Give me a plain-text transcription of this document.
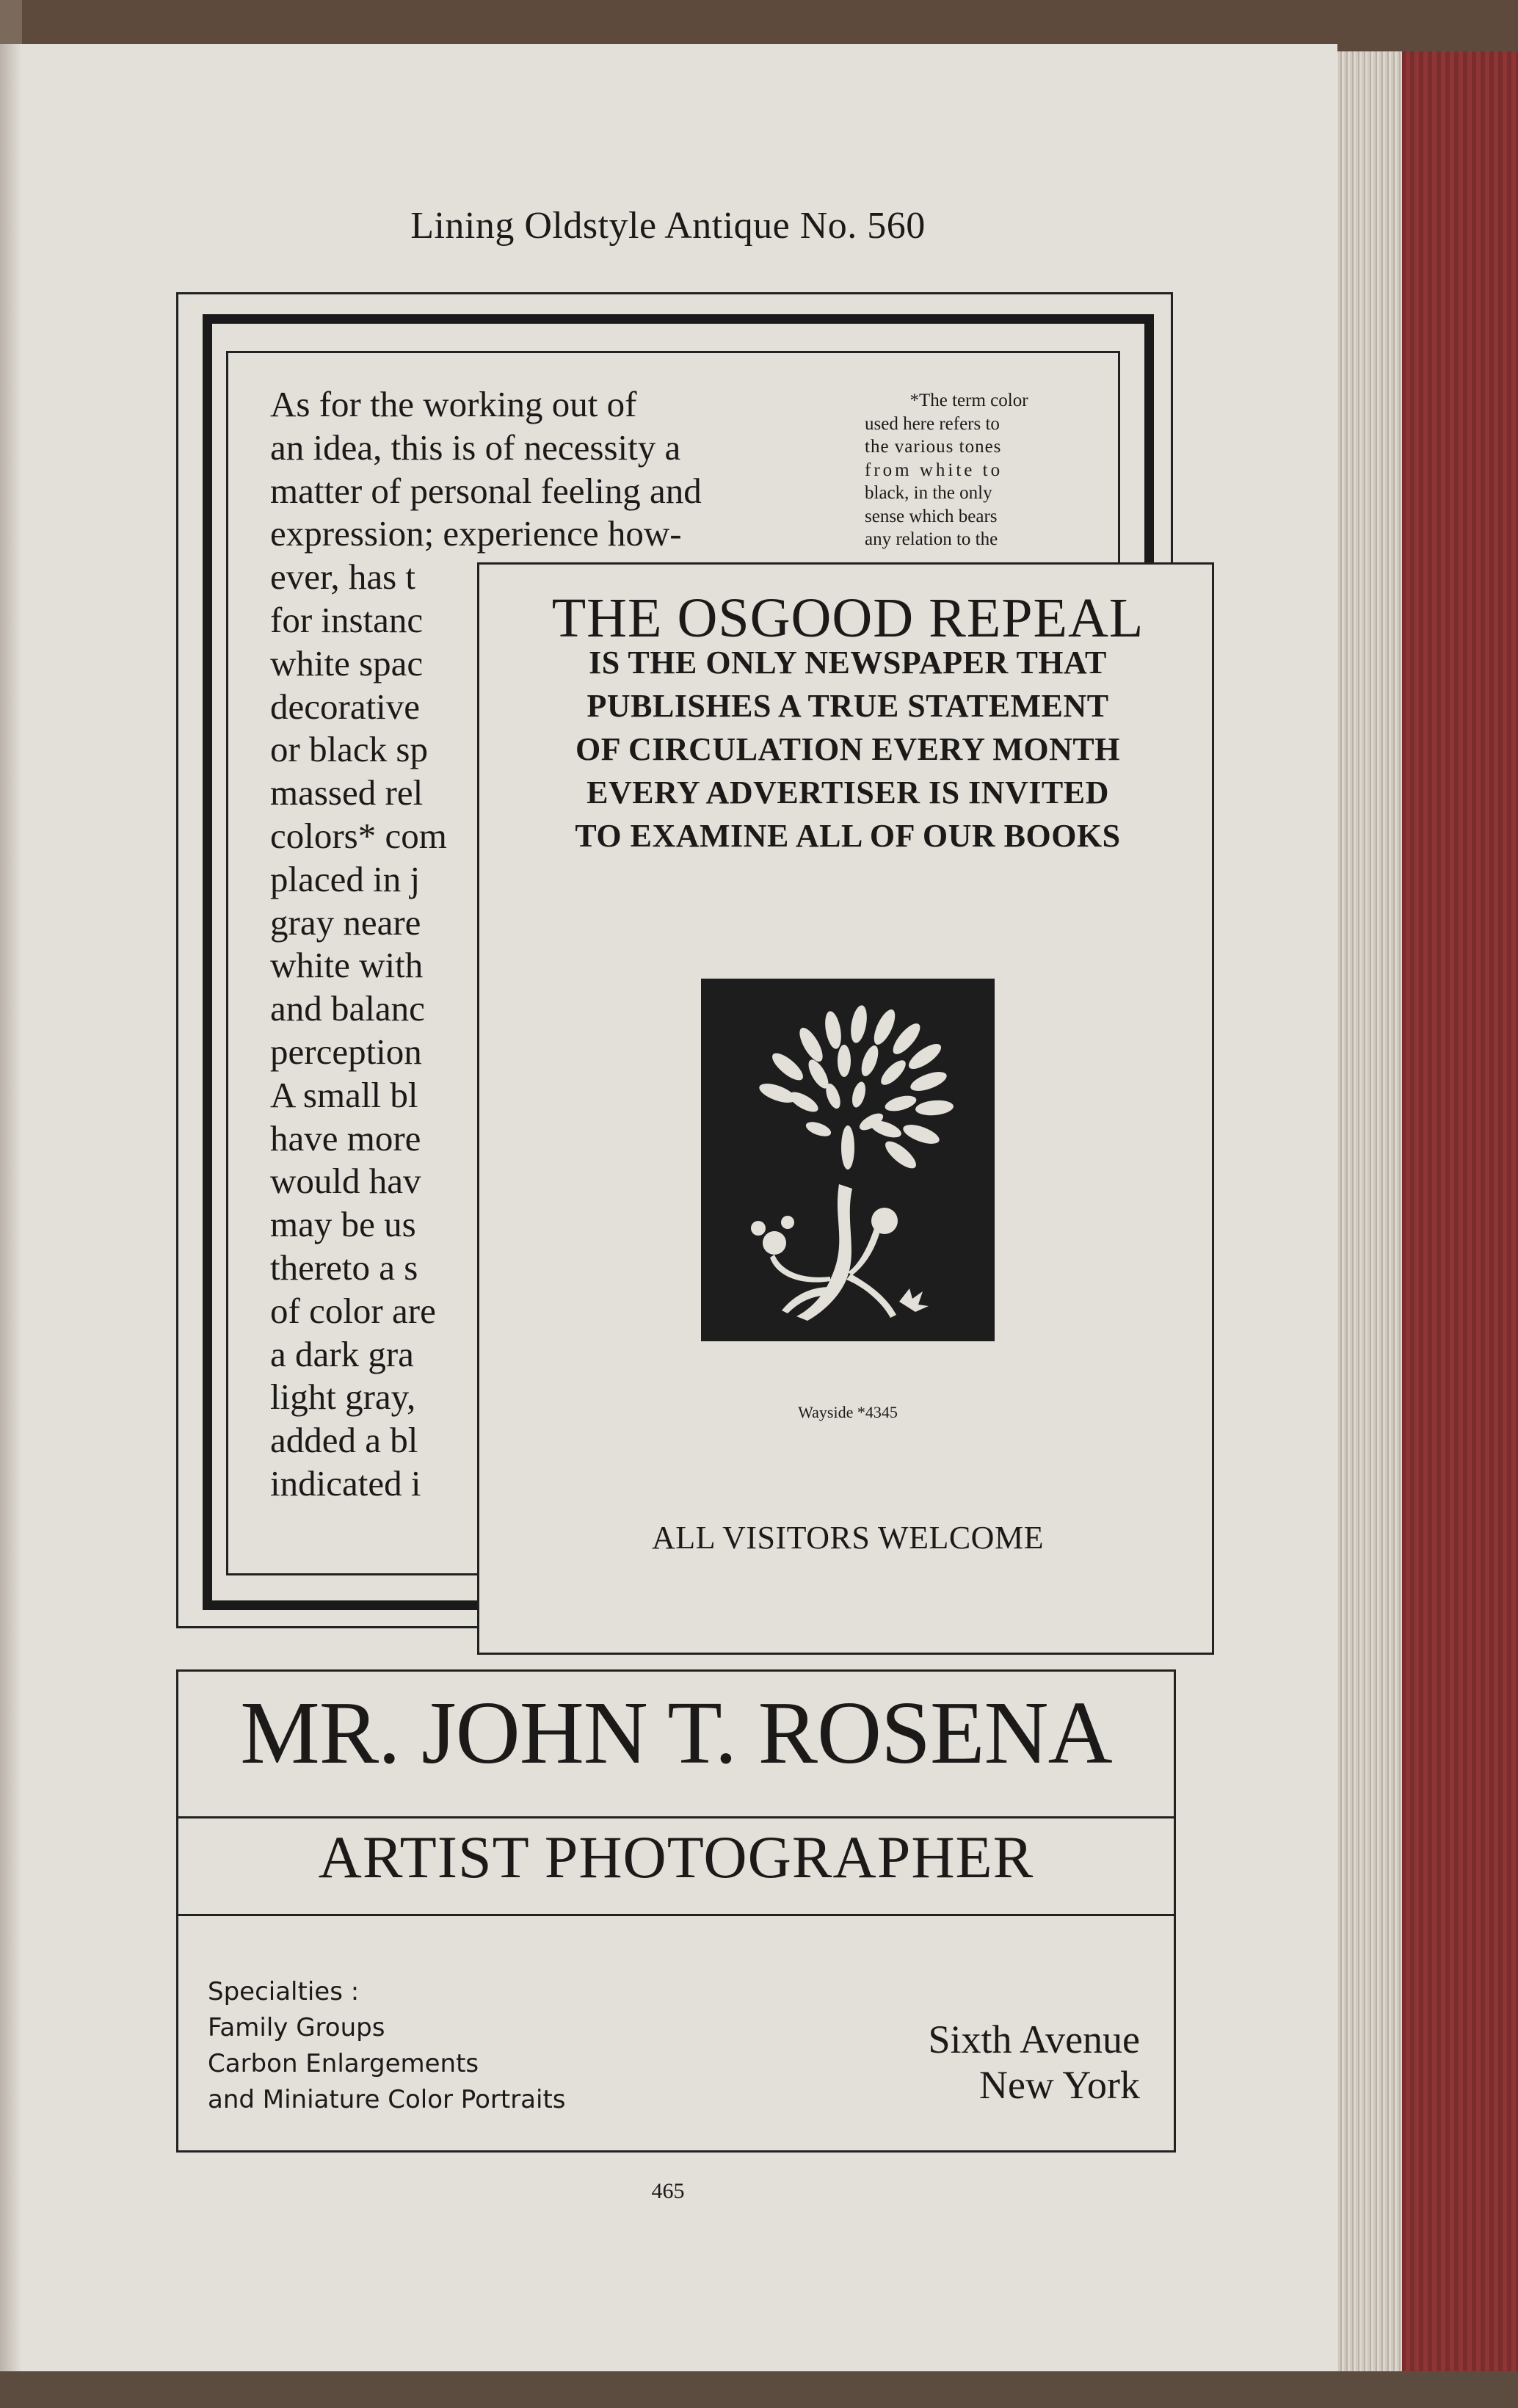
Lining Oldstyle Antique No. 560

As for the working out of

an idea, this is of necessity a

matter of personal feeling and

expression; experience how-

ever, has t

for instanc

white spac

decorative

or black sp

massed rel

colors* com

placed in j

gray neare

white with

and balanc

perception

A small bl

have more

would hav

may be us

thereto a s

of color are

a dark gra

light gray,

added a bl

indicated i

*The term color
used here refers to
the various tones
from white to
black, in the only
sense which bears
any relation to the
THE OSGOOD REPEAL
IS THE ONLY NEWSPAPER THAT
PUBLISHES A TRUE STATEMENT
OF CIRCULATION EVERY MONTH
EVERY ADVERTISER IS INVITED
TO EXAMINE ALL OF OUR BOOKS
Wayside *4345
ALL VISITORS WELCOME
MR. JOHN T. ROSENA
ARTIST PHOTOGRAPHER
Specialties :
Family Groups
Carbon Enlargements
and Miniature Color Portraits
Sixth Avenue
New York
465
